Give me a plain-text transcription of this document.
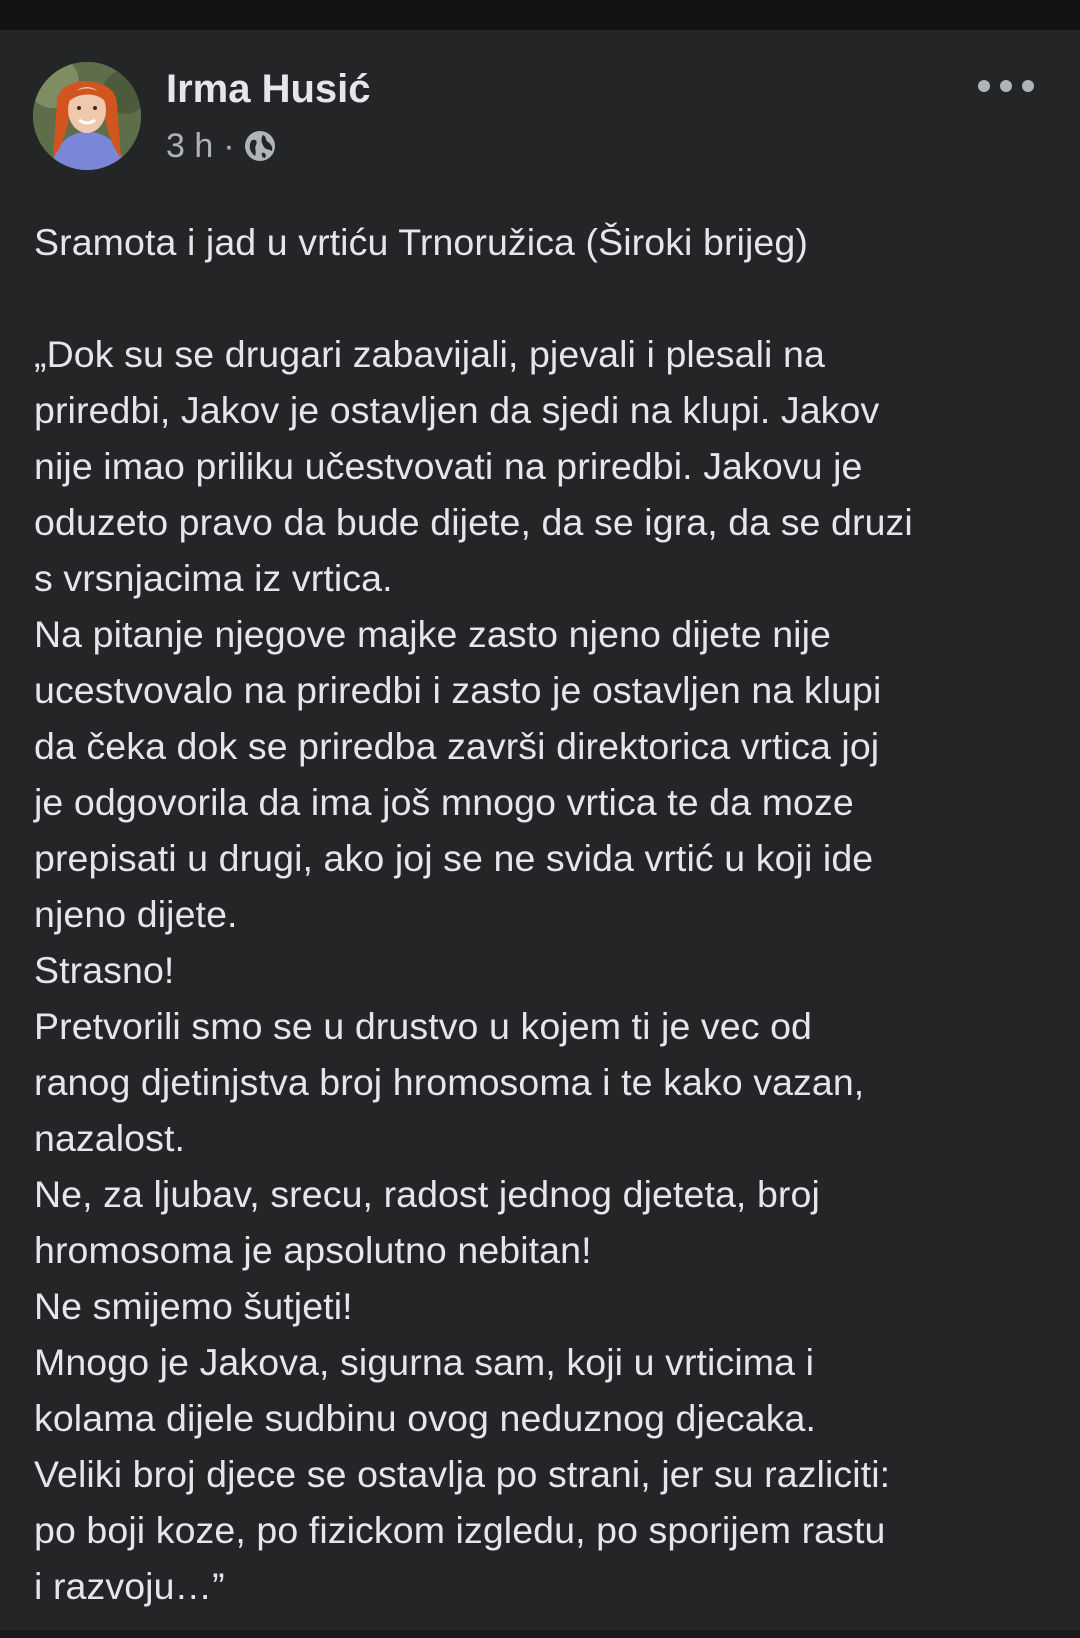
Irma Husić
3 h ·
Sramota i jad u vrtiću Trnoružica (Široki brijeg)
„Dok su se drugari zabavijali, pjevali i plesali na
priredbi, Jakov je ostavljen da sjedi na klupi. Jakov
nije imao priliku učestvovati na priredbi. Jakovu je
oduzeto pravo da bude dijete, da se igra, da se druzi
s vrsnjacima iz vrtica.
Na pitanje njegove majke zasto njeno dijete nije
ucestvovalo na priredbi i zasto je ostavljen na klupi
da čeka dok se priredba završi direktorica vrtica joj
je odgovorila da ima još mnogo vrtica te da moze
prepisati u drugi, ako joj se ne svida vrtić u koji ide
njeno dijete.
Strasno!
Pretvorili smo se u drustvo u kojem ti je vec od
ranog djetinjstva broj hromosoma i te kako vazan,
nazalost.
Ne, za ljubav, srecu, radost jednog djeteta, broj
hromosoma je apsolutno nebitan!
Ne smijemo šutjeti!
Mnogo je Jakova, sigurna sam, koji u vrticima i
kolama dijele sudbinu ovog neduznog djecaka.
Veliki broj djece se ostavlja po strani, jer su razliciti:
po boji koze, po fizickom izgledu, po sporijem rastu
i razvoju…”
